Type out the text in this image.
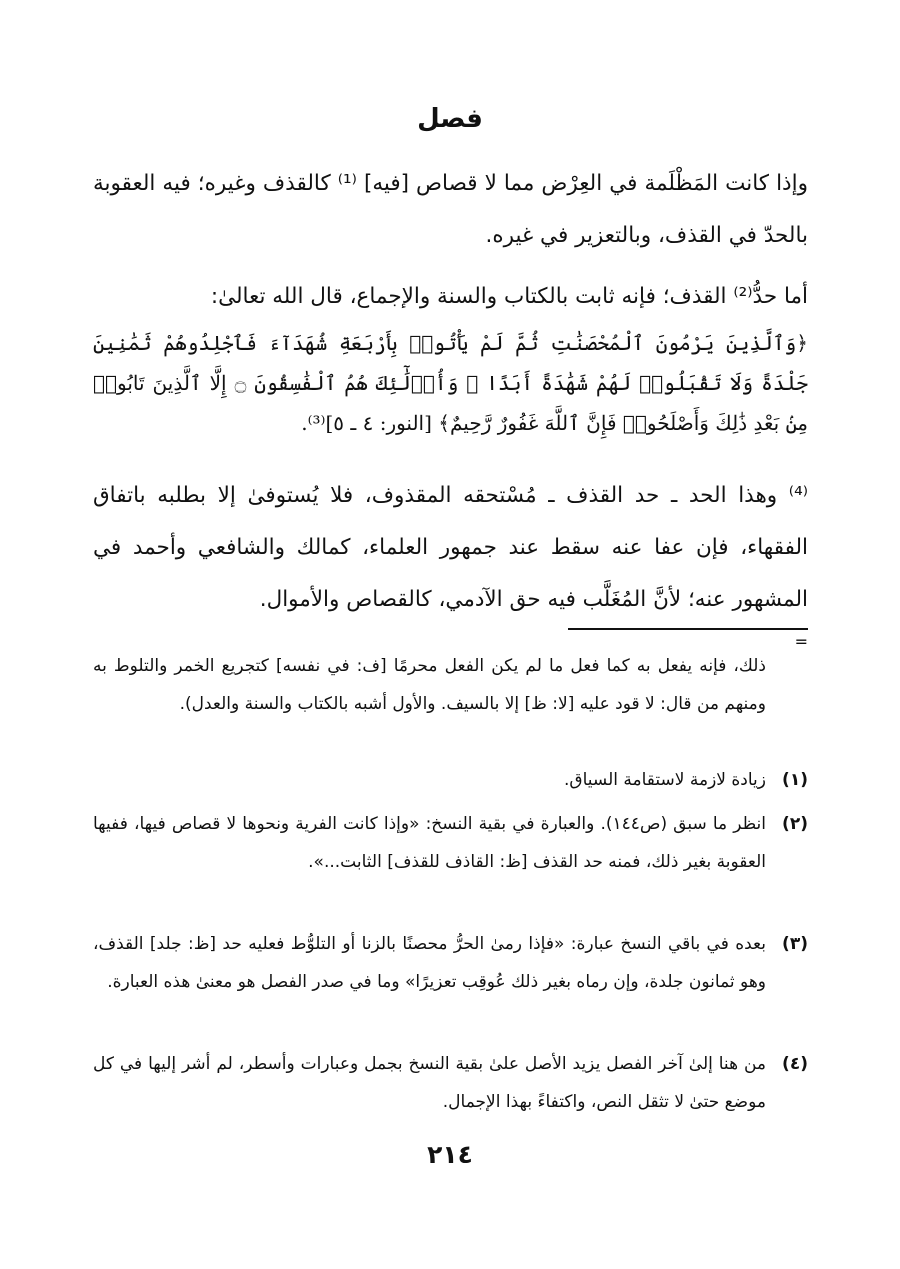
فصل
وإذا كانت المَظْلَمة في العِرْض مما لا قصاص [فيه] ⁽¹⁾ كالقذف وغيره؛ فيه العقوبة بالحدّ في القذف، وبالتعزير في غيره.
أما حدُّ⁽²⁾ القذف؛ فإنه ثابت بالكتاب والسنة والإجماع، قال الله تعالىٰ:
﴿وَٱلَّذِينَ يَرْمُونَ ٱلْمُحْصَنَٰتِ ثُمَّ لَمْ يَأْتُوا۟ بِأَرْبَعَةِ شُهَدَآءَ فَٱجْلِدُوهُمْ ثَمَٰنِينَ جَلْدَةً وَلَا تَقْبَلُوا۟ لَهُمْ شَهَٰدَةً أَبَدًا ۚ وَأُو۟لَٰٓئِكَ هُمُ ٱلْفَٰسِقُونَ ۝ إِلَّا ٱلَّذِينَ تَابُوا۟ مِنۢ بَعْدِ ذَٰلِكَ وَأَصْلَحُوا۟ فَإِنَّ ٱللَّهَ غَفُورٌ رَّحِيمٌ﴾ [النور: ٤ ـ ٥]⁽³⁾.
⁽⁴⁾ وهذا الحد ـ حد القذف ـ مُسْتحقه المقذوف، فلا يُستوفىٰ إلا بطلبه باتفاق الفقهاء، فإن عفا عنه سقط عند جمهور العلماء، كمالك والشافعي وأحمد في المشهور عنه؛ لأنَّ المُغَلَّب فيه حق الآدمي، كالقصاص والأموال.
=
ذلك، فإنه يفعل به كما فعل ما لم يكن الفعل محرمًا [ف: في نفسه] كتجريع الخمر والتلوط به ومنهم من قال: لا قود عليه [لا: ظ] إلا بالسيف. والأول أشبه بالكتاب والسنة والعدل).
(١)
زيادة لازمة لاستقامة السياق.
(٢)
انظر ما سبق (ص١٤٤). والعبارة في بقية النسخ: «وإذا كانت الفرية ونحوها لا قصاص فيها، ففيها العقوبة بغير ذلك، فمنه حد القذف [ظ: القاذف للقذف] الثابت...».
(٣)
بعده في باقي النسخ عبارة: «فإذا رمىٰ الحرُّ محصنًا بالزنا أو التلوُّط فعليه حد [ظ: جلد] القذف، وهو ثمانون جلدة، وإن رماه بغير ذلك عُوقِب تعزيرًا» وما في صدر الفصل هو معنىٰ هذه العبارة.
(٤)
من هنا إلىٰ آخر الفصل يزيد الأصل علىٰ بقية النسخ بجمل وعبارات وأسطر، لم أشر إليها في كل موضع حتىٰ لا تثقل النص، واكتفاءً بهذا الإجمال.
٢١٤
